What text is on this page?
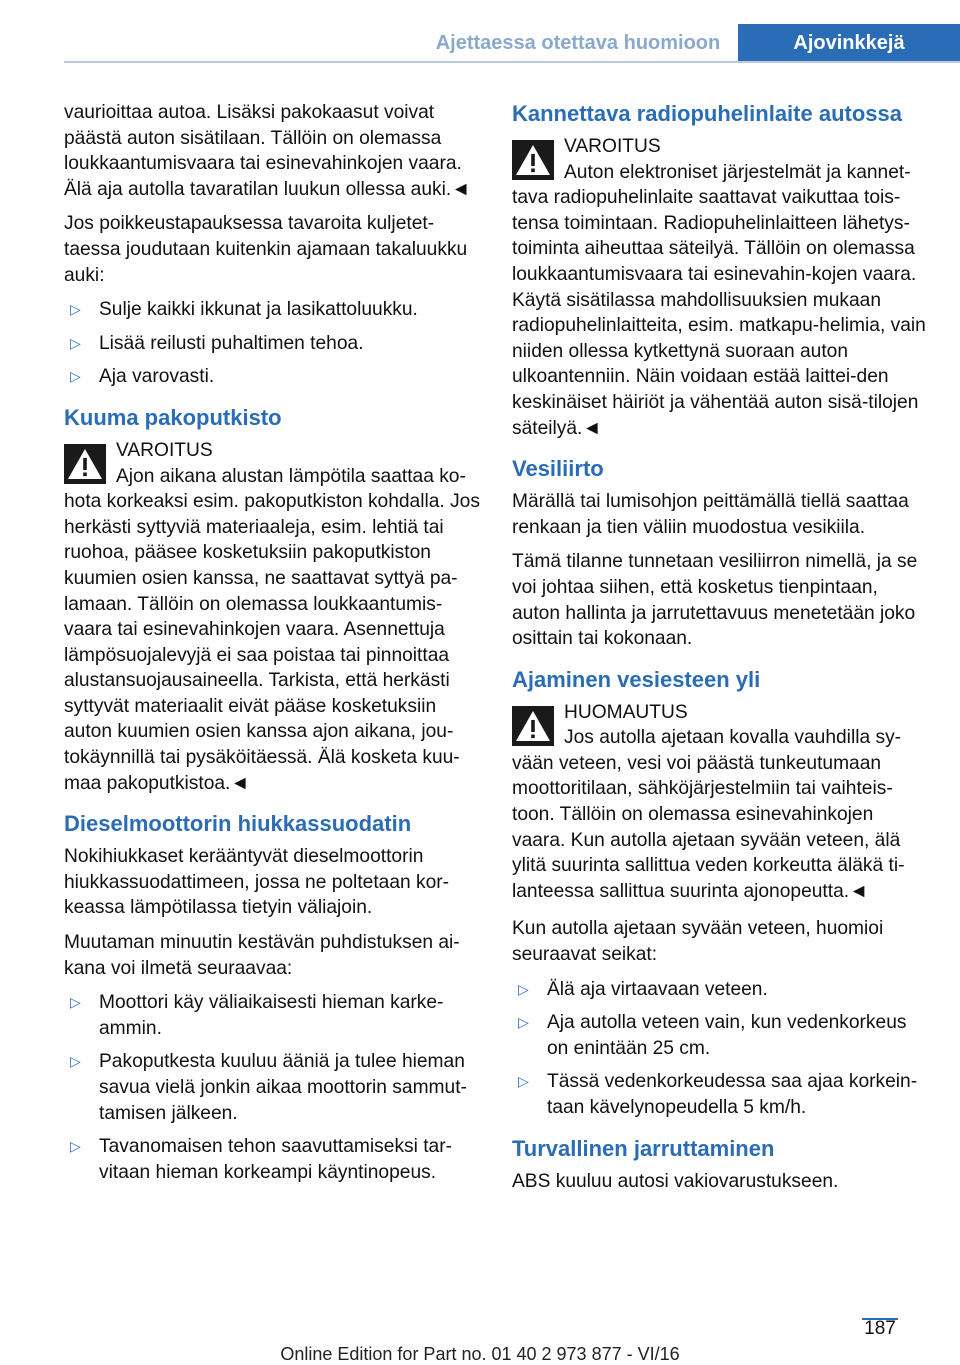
Ajettaessa otettava huomioon	Ajovinkkejä

vaurioittaa autoa. Lisäksi pakokaasut voivat päästä auton sisätilaan. Tällöin on olemassa loukkaantumisvaara tai esinevahinkojen vaara. Älä aja autolla tavaratilan luukun ollessa auki.◄

Jos poikkeustapauksessa tavaroita kuljetet-taessa joudutaan kuitenkin ajamaan takaluukku auki:

▷ Sulje kaikki ikkunat ja lasikattoluukku.
▷ Lisää reilusti puhaltimen tehoa.
▷ Aja varovasti.
Kuuma pakoputkisto
VAROITUS
Ajon aikana alustan lämpötila saattaa ko-hota korkeaksi esim. pakoputkiston kohdalla. Jos herkästi syttyviä materiaaleja, esim. lehtiä tai ruohoa, pääsee kosketuksiin pakoputkiston kuumien osien kanssa, ne saattavat syttyä pa-lamaan. Tällöin on olemassa loukkaantumis-vaara tai esinevahinkojen vaara. Asennettuja lämpösuojalevyjä ei saa poistaa tai pinnoittaa alustansuojausaineella. Tarkista, että herkästi syttyvät materiaalit eivät pääse kosketuksiin auton kuumien osien kanssa ajon aikana, jou-tokäynnillä tai pysäköitäessä. Älä kosketa kuu-maa pakoputkistoa.◄
Dieselmoottorin hiukkassuodatin

Nokihiukkaset kerääntyvät dieselmoottorin hiukkassuodattimeen, jossa ne poltetaan kor-keassa lämpötilassa tietyin väliajoin.

Muutaman minuutin kestävän puhdistuksen ai-kana voi ilmetä seuraavaa:

▷ Moottori käy väliaikaisesti hieman karke-ammin.
▷ Pakoputkesta kuuluu ääniä ja tulee hieman savua vielä jonkin aikaa moottorin sammut-tamisen jälkeen.
▷ Tavanomaisen tehon saavuttamiseksi tar-vitaan hieman korkeampi käyntinopeus.
Kannettava radiopuhelinlaite autossa
VAROITUS
Auton elektroniset järjestelmät ja kannet-tava radiopuhelinlaite saattavat vaikuttaa tois-tensa toimintaan. Radiopuhelinlaitteen lähetys-toiminta aiheuttaa säteilyä. Tällöin on olemassa loukkaantumisvaara tai esinevahin-kojen vaara. Käytä sisätilassa mahdollisuuksien mukaan radiopuhelinlaitteita, esim. matkapu-helimia, vain niiden ollessa kytkettynä suoraan auton ulkoantenniin. Näin voidaan estää laittei-den keskinäiset häiriöt ja vähentää auton sisä-tilojen säteilyä.◄
Vesiliirto

Märällä tai lumisohjon peittämällä tiellä saattaa renkaan ja tien väliin muodostua vesikiila.

Tämä tilanne tunnetaan vesiliirron nimellä, ja se voi johtaa siihen, että kosketus tienpintaan, auton hallinta ja jarrutettavuus menetetään joko osittain tai kokonaan.

Ajaminen vesiesteen yli
HUOMAUTUS
Jos autolla ajetaan kovalla vauhdilla sy-vään veteen, vesi voi päästä tunkeutumaan moottoritilaan, sähköjärjestelmiin tai vaihteis-toon. Tällöin on olemassa esinevahinkojen vaara. Kun autolla ajetaan syvään veteen, älä ylitä suurinta sallittua veden korkeutta äläkä ti-lanteessa sallittua suurinta ajonopeutta.◄

Kun autolla ajetaan syvään veteen, huomioi seuraavat seikat:

▷ Älä aja virtaavaan veteen.
▷ Aja autolla veteen vain, kun vedenkorkeus on enintään 25 cm.
▷ Tässä vedenkorkeudessa saa ajaa korkein-taan kävelynopeudella 5 km/h.
Turvallinen jarruttaminen

ABS kuuluu autosi vakiovarustukseen.

187
Online Edition for Part no. 01 40 2 973 877 - VI/16
